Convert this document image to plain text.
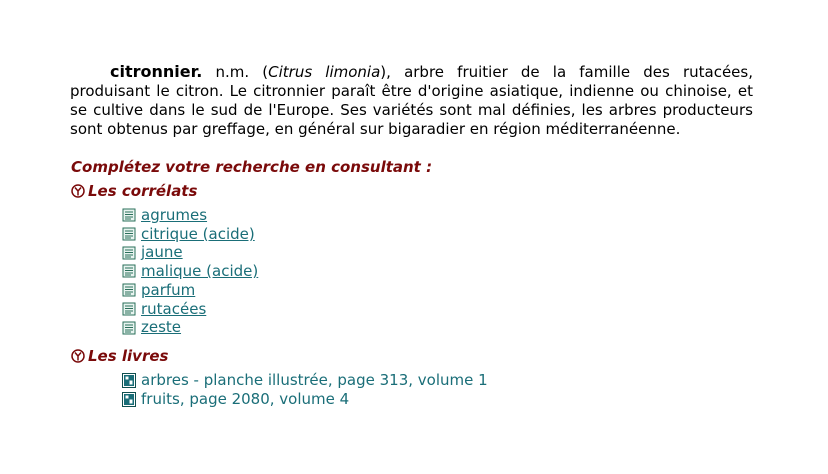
citronnier. n.m. (Citrus limonia), arbre fruitier de la famille des rutacées, produisant le citron. Le citronnier paraît être d'origine asiatique, indienne ou chinoise, et se cultive dans le sud de l'Europe. Ses variétés sont mal définies, les arbres producteurs sont obtenus par greffage, en général sur bigaradier en région méditerranéenne.
Complétez votre recherche en consultant :
Les corrélats
agrumes
citrique (acide)
jaune
malique (acide)
parfum
rutacées
zeste
Les livres
arbres - planche illustrée, page 313, volume 1
fruits, page 2080, volume 4
